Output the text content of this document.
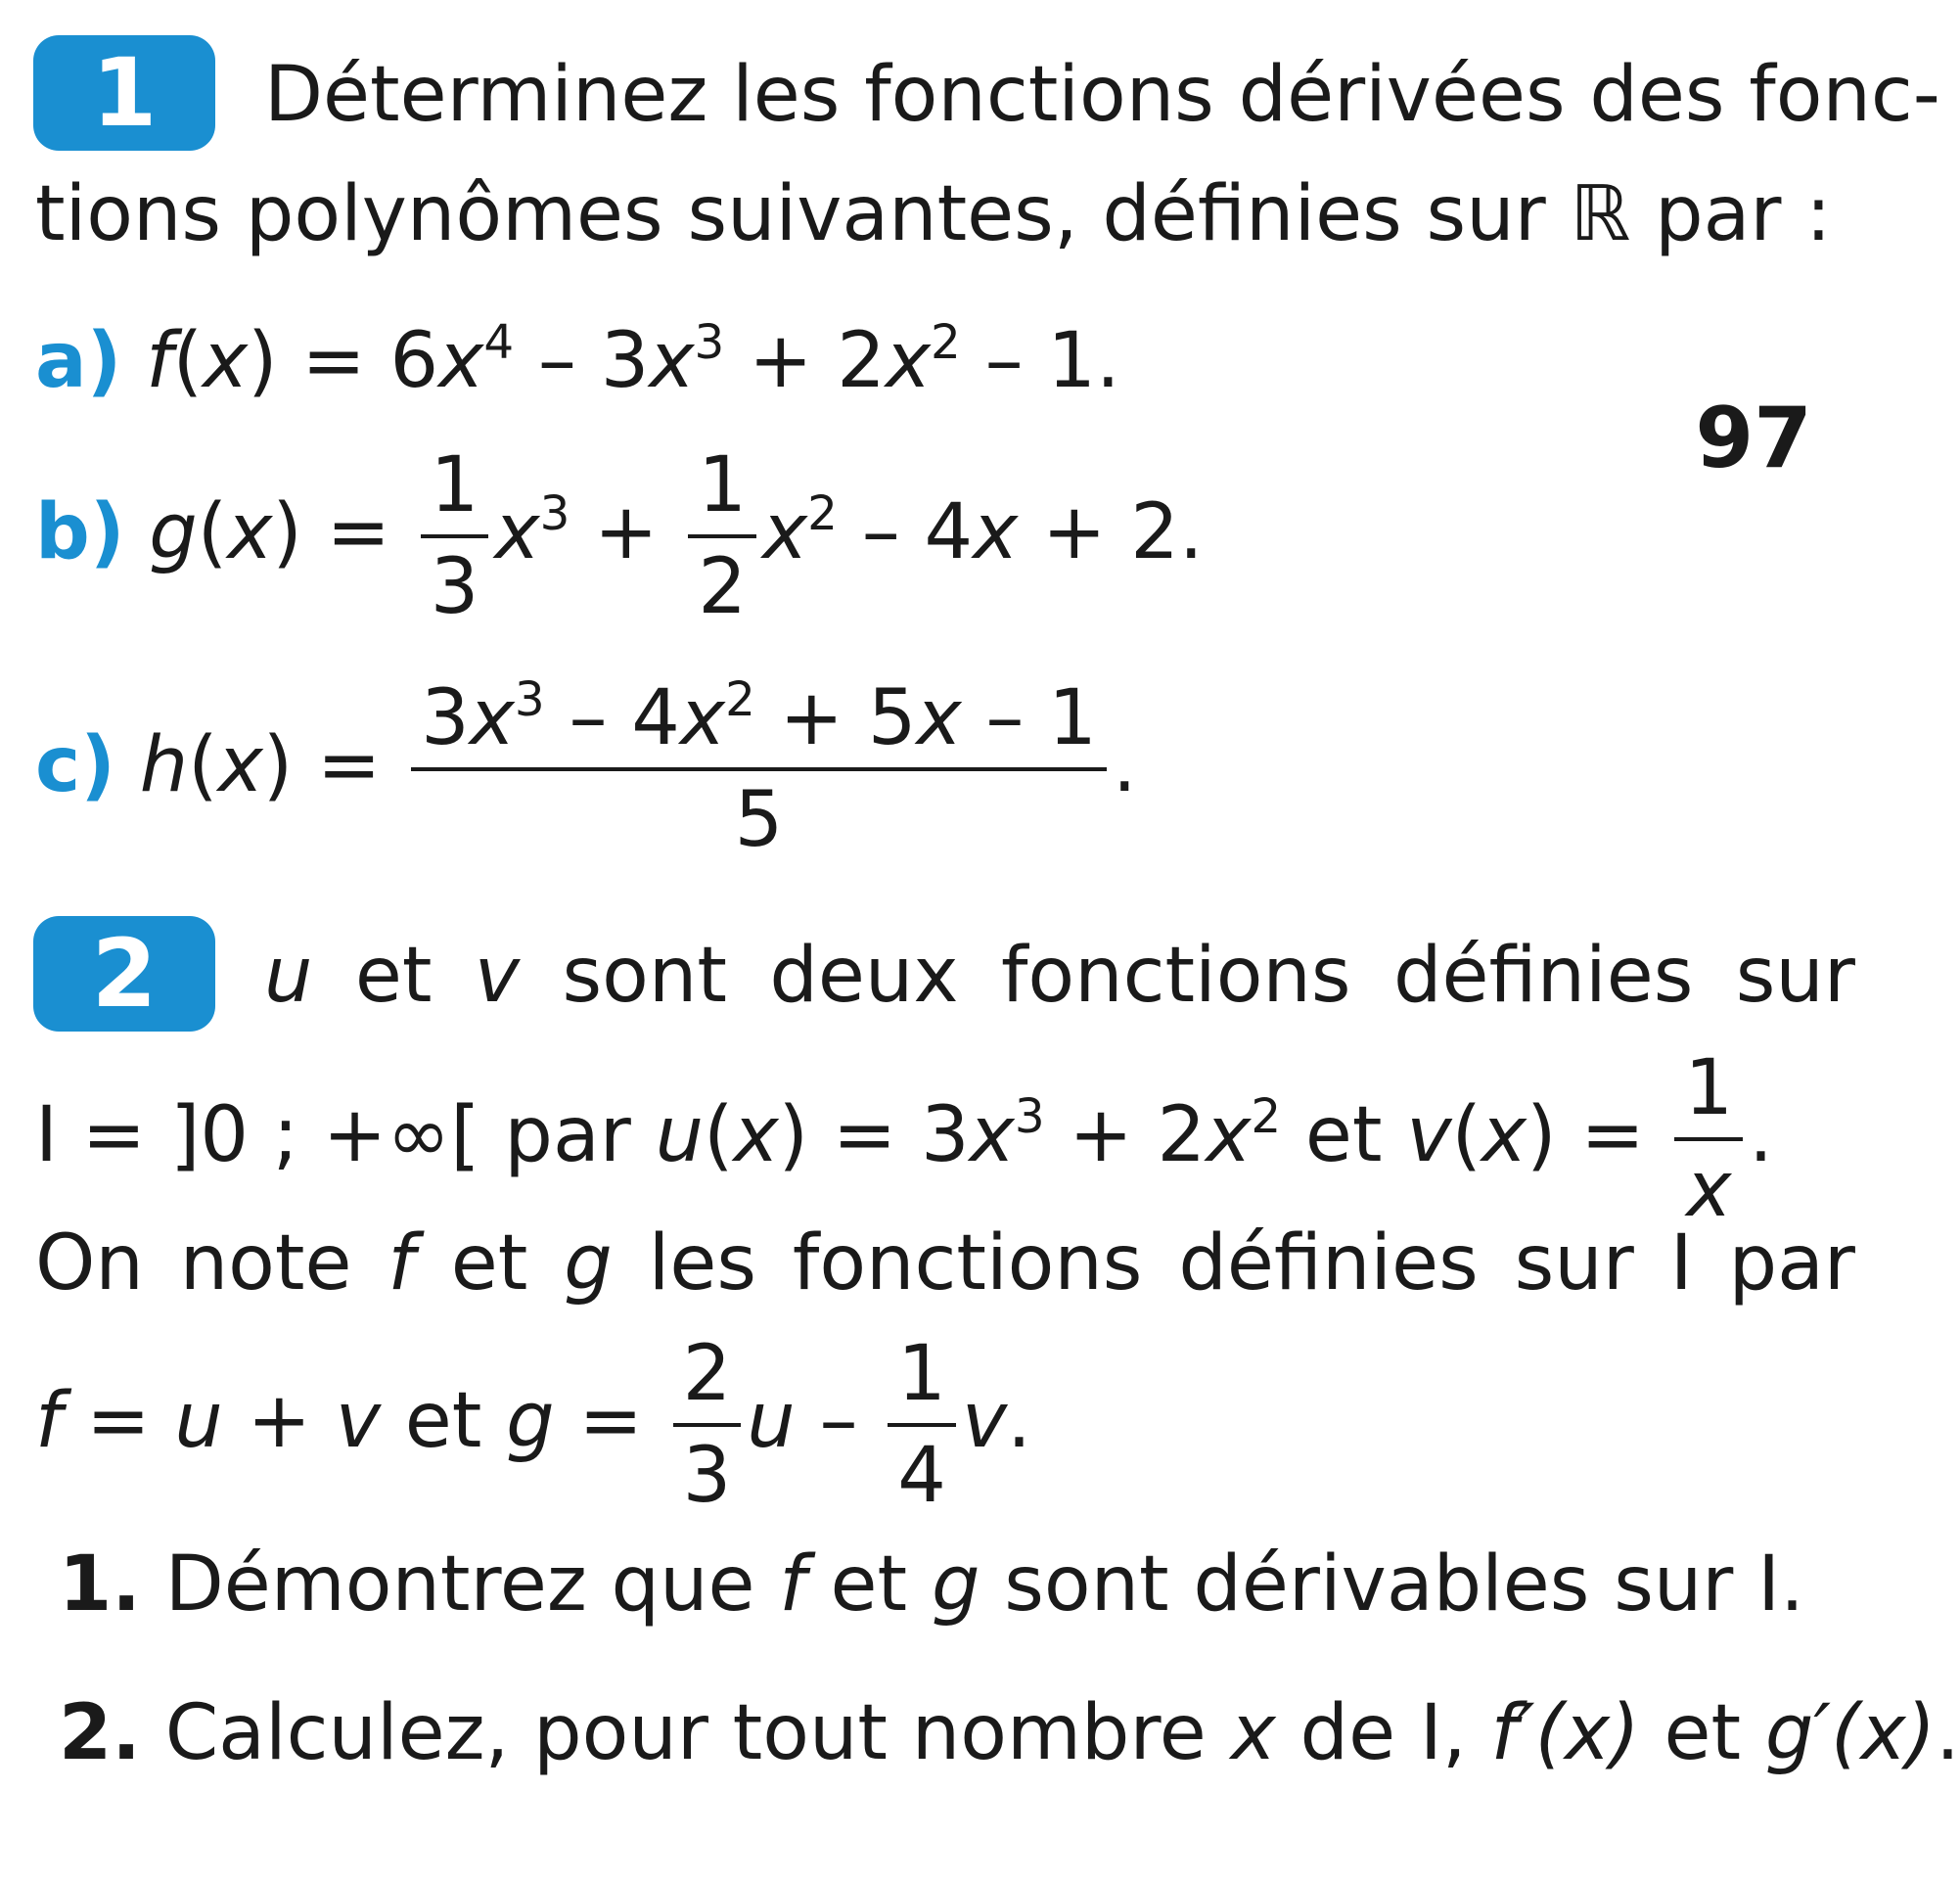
1 Déterminez les fonctions dérivées des fonc-
tions polynômes suivantes, définies sur ℝ par :
97
a) $f(x) = 6x^4 - 3x^3 + 2x^2 - 1$.
b) $g(x) = \frac{1}{3} x^3 + \frac{1}{2} x^2 - 4x + 2$.
c) $h(x) = \frac{3x^3 - 4x^2 + 5x - 1}{5}$ .
2 u et v sont deux fonctions définies sur
I = ]0 ; +∞[ par $u(x) = 3x^3 + 2x^2$ et $v(x) = \frac{1}{x}$ .
On note f et g les fonctions définies sur I par
f = u + v et $g = \frac{2}{3}$ u – $\frac{1}{4} v$.
1. Démontrez que f et g sont dérivables sur I.
2. Calculez, pour tout nombre x de I, f′(x) et g′(x).
